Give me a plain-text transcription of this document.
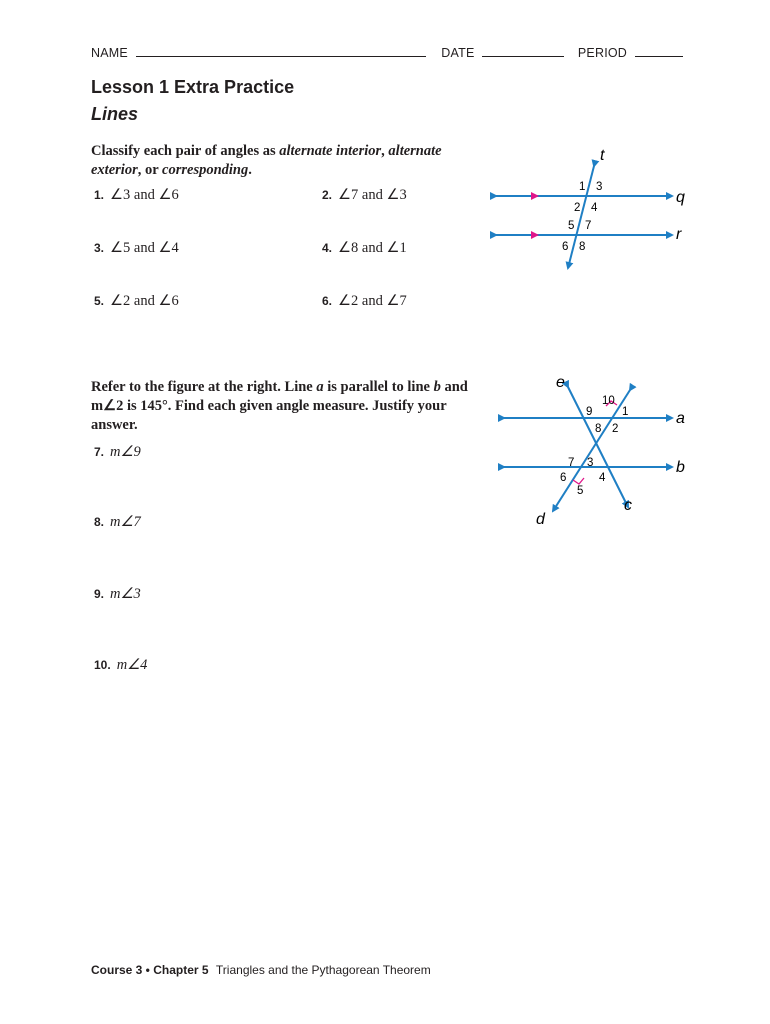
NAME	DATE	PERIOD
Lesson 1 Extra Practice
Lines
Classify each pair of angles as alternate interior, alternate exterior, or corresponding.
1. ∠3 and ∠6	2. ∠7 and ∠3
3. ∠5 and ∠4	4. ∠8 and ∠1
5. ∠2 and ∠6	6. ∠2 and ∠7
t
q
r
1 3
2 4
5 7
6 8
Refer to the figure at the right. Line a is parallel to line b and m∠2 is 145°. Find each given angle measure. Justify your answer.
7. m∠9
8. m∠7
9. m∠3
10. m∠4
e
a
b
c
d
10
9	1
8 2
7 3
6	4
5
Course 3 • Chapter 5 Triangles and the Pythagorean Theorem
